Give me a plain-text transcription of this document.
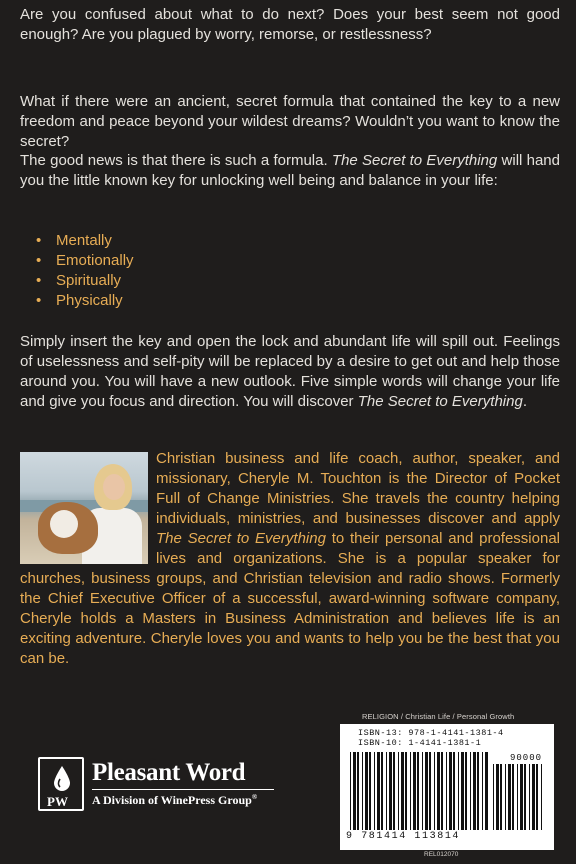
Are you confused about what to do next? Does your best seem not good enough? Are you plagued by worry, remorse, or restlessness?

What if there were an ancient, secret formula that contained the key to a new freedom and peace beyond your wildest dreams? Wouldn’t you want to know the secret?

The good news is that there is such a formula. The Secret to Everything will hand you the little known key for unlocking well being and balance in your life:

• Mentally
• Emotionally
• Spiritually
• Physically

Simply insert the key and open the lock and abundant life will spill out. Feelings of uselessness and self-pity will be replaced by a desire to get out and help those around you. You will have a new outlook. Five simple words will change your life and give you focus and direction. You will discover The Secret to Everything.

Christian business and life coach, author, speaker, and missionary, Cheryle M. Touchton is the Director of Pocket Full of Change Ministries. She travels the country helping individuals, ministries, and businesses discover and apply The Secret to Everything to their personal and professional lives and organizations. She is a popular speaker for churches, business groups, and Christian television and radio shows. Formerly the Chief Executive Officer of a successful, award-winning software company, Cheryle holds a Masters in Business Administration and believes life is an exciting adventure. Cheryle loves you and wants to help you be the best that you can be.

PW
Pleasant Word
A Division of WinePress Group®
RELIGION / Christian Life / Personal Growth
ISBN-13: 978-1-4141-1381-4
ISBN-10: 1-4141-1381-1
90000
9 781414 113814
REL012070
